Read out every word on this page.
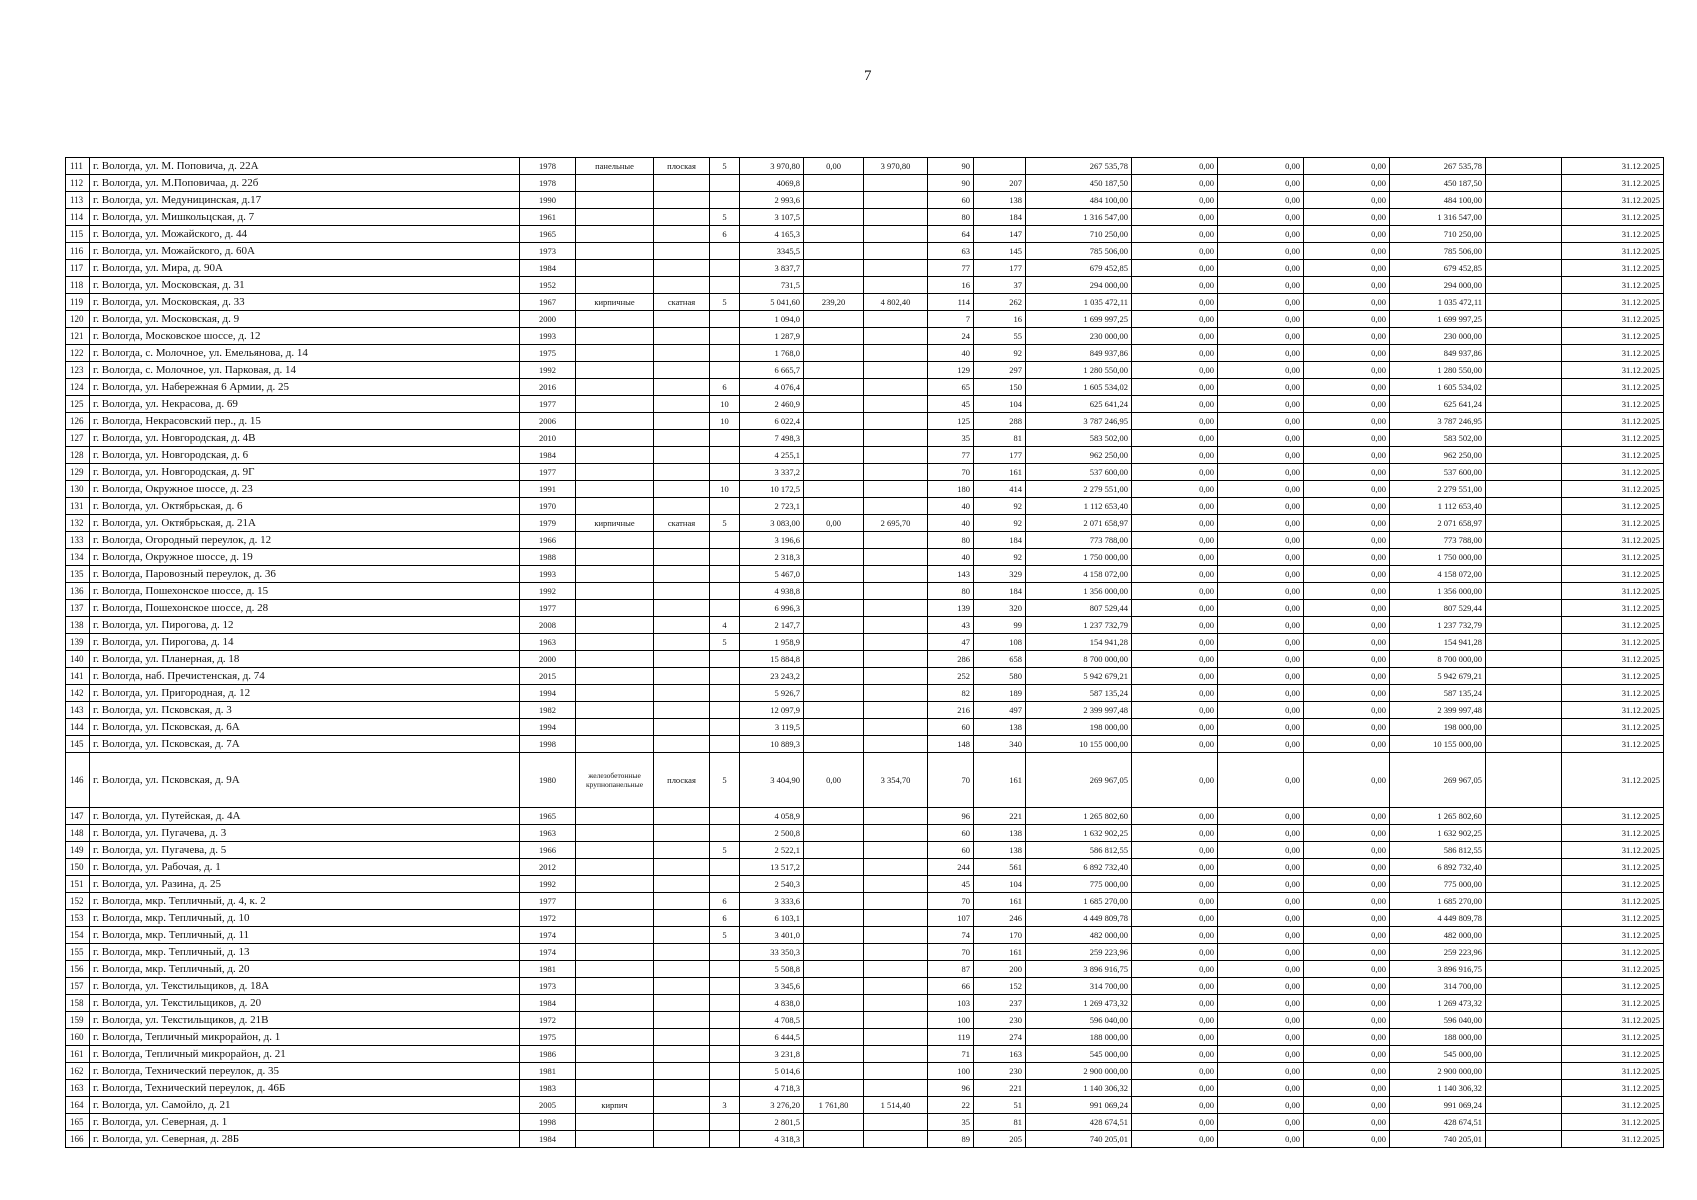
7
111	г. Вологда, ул. М. Поповича, д. 22А	1978	панельные	плоская	5	3 970,80	0,00	3 970,80	90		267 535,78	0,00	0,00	0,00	267 535,78		31.12.2025
112	г. Вологда, ул. М.Поповичаа, д. 22б	1978				4069,8			90	207	450 187,50	0,00	0,00	0,00	450 187,50		31.12.2025
113	г. Вологда, ул. Медуницинская, д.17	1990				2 993,6			60	138	484 100,00	0,00	0,00	0,00	484 100,00		31.12.2025
114	г. Вологда, ул. Мишкольцская, д. 7	1961			5	3 107,5			80	184	1 316 547,00	0,00	0,00	0,00	1 316 547,00		31.12.2025
115	г. Вологда, ул. Можайского, д. 44	1965			6	4 165,3			64	147	710 250,00	0,00	0,00	0,00	710 250,00		31.12.2025
116	г. Вологда, ул. Можайского, д. 60А	1973				3345,5			63	145	785 506,00	0,00	0,00	0,00	785 506,00		31.12.2025
117	г. Вологда, ул. Мира, д. 90А	1984				3 837,7			77	177	679 452,85	0,00	0,00	0,00	679 452,85		31.12.2025
118	г. Вологда, ул. Московская, д. 31	1952				731,5			16	37	294 000,00	0,00	0,00	0,00	294 000,00		31.12.2025
119	г. Вологда, ул. Московская, д. 33	1967	кирпичные	скатная	5	5 041,60	239,20	4 802,40	114	262	1 035 472,11	0,00	0,00	0,00	1 035 472,11		31.12.2025
120	г. Вологда, ул. Московская, д. 9	2000				1 094,0			7	16	1 699 997,25	0,00	0,00	0,00	1 699 997,25		31.12.2025
121	г. Вологда, Московское шоссе, д. 12	1993				1 287,9			24	55	230 000,00	0,00	0,00	0,00	230 000,00		31.12.2025
122	г. Вологда, с. Молочное, ул. Емельянова, д. 14	1975				1 768,0			40	92	849 937,86	0,00	0,00	0,00	849 937,86		31.12.2025
123	г. Вологда, с. Молочное, ул. Парковая, д. 14	1992				6 665,7			129	297	1 280 550,00	0,00	0,00	0,00	1 280 550,00		31.12.2025
124	г. Вологда, ул. Набережная 6 Армии, д. 25	2016			6	4 076,4			65	150	1 605 534,02	0,00	0,00	0,00	1 605 534,02		31.12.2025
125	г. Вологда, ул. Некрасова, д. 69	1977			10	2 460,9			45	104	625 641,24	0,00	0,00	0,00	625 641,24		31.12.2025
126	г. Вологда, Некрасовский пер., д. 15	2006			10	6 022,4			125	288	3 787 246,95	0,00	0,00	0,00	3 787 246,95		31.12.2025
127	г. Вологда, ул. Новгородская, д. 4В	2010				7 498,3			35	81	583 502,00	0,00	0,00	0,00	583 502,00		31.12.2025
128	г. Вологда, ул. Новгородская, д. 6	1984				4 255,1			77	177	962 250,00	0,00	0,00	0,00	962 250,00		31.12.2025
129	г. Вологда, ул. Новгородская, д. 9Г	1977				3 337,2			70	161	537 600,00	0,00	0,00	0,00	537 600,00		31.12.2025
130	г. Вологда, Окружное шоссе, д. 23	1991			10	10 172,5			180	414	2 279 551,00	0,00	0,00	0,00	2 279 551,00		31.12.2025
131	г. Вологда, ул. Октябрьская, д. 6	1970				2 723,1			40	92	1 112 653,40	0,00	0,00	0,00	1 112 653,40		31.12.2025
132	г. Вологда, ул. Октябрьская, д. 21А	1979	кирпичные	скатная	5	3 083,00	0,00	2 695,70	40	92	2 071 658,97	0,00	0,00	0,00	2 071 658,97		31.12.2025
133	г. Вологда, Огородный переулок, д. 12	1966				3 196,6			80	184	773 788,00	0,00	0,00	0,00	773 788,00		31.12.2025
134	г. Вологда, Окружное шоссе, д. 19	1988				2 318,3			40	92	1 750 000,00	0,00	0,00	0,00	1 750 000,00		31.12.2025
135	г. Вологда, Паровозный переулок, д. 36	1993				5 467,0			143	329	4 158 072,00	0,00	0,00	0,00	4 158 072,00		31.12.2025
136	г. Вологда, Пошехонское шоссе, д. 15	1992				4 938,8			80	184	1 356 000,00	0,00	0,00	0,00	1 356 000,00		31.12.2025
137	г. Вологда, Пошехонское шоссе, д. 28	1977				6 996,3			139	320	807 529,44	0,00	0,00	0,00	807 529,44		31.12.2025
138	г. Вологда, ул. Пирогова, д. 12	2008			4	2 147,7			43	99	1 237 732,79	0,00	0,00	0,00	1 237 732,79		31.12.2025
139	г. Вологда, ул. Пирогова, д. 14	1963			5	1 958,9			47	108	154 941,28	0,00	0,00	0,00	154 941,28		31.12.2025
140	г. Вологда, ул. Планерная, д. 18	2000				15 884,8			286	658	8 700 000,00	0,00	0,00	0,00	8 700 000,00		31.12.2025
141	г. Вологда, наб. Пречистенская, д. 74	2015				23 243,2			252	580	5 942 679,21	0,00	0,00	0,00	5 942 679,21		31.12.2025
142	г. Вологда, ул. Пригородная, д. 12	1994				5 926,7			82	189	587 135,24	0,00	0,00	0,00	587 135,24		31.12.2025
143	г. Вологда, ул. Псковская, д. 3	1982				12 097,9			216	497	2 399 997,48	0,00	0,00	0,00	2 399 997,48		31.12.2025
144	г. Вологда, ул. Псковская, д. 6А	1994				3 119,5			60	138	198 000,00	0,00	0,00	0,00	198 000,00		31.12.2025
145	г. Вологда, ул. Псковская, д. 7А	1998				10 889,3			148	340	10 155 000,00	0,00	0,00	0,00	10 155 000,00		31.12.2025
146	г. Вологда, ул. Псковская, д. 9А	1980	железобетонные крупнопанельные	плоская	5	3 404,90	0,00	3 354,70	70	161	269 967,05	0,00	0,00	0,00	269 967,05		31.12.2025
147	г. Вологда, ул. Путейская, д. 4А	1965				4 058,9			96	221	1 265 802,60	0,00	0,00	0,00	1 265 802,60		31.12.2025
148	г. Вологда, ул. Пугачева, д. 3	1963				2 500,8			60	138	1 632 902,25	0,00	0,00	0,00	1 632 902,25		31.12.2025
149	г. Вологда, ул. Пугачева, д. 5	1966			5	2 522,1			60	138	586 812,55	0,00	0,00	0,00	586 812,55		31.12.2025
150	г. Вологда, ул. Рабочая, д. 1	2012				13 517,2			244	561	6 892 732,40	0,00	0,00	0,00	6 892 732,40		31.12.2025
151	г. Вологда, ул. Разина, д. 25	1992				2 540,3			45	104	775 000,00	0,00	0,00	0,00	775 000,00		31.12.2025
152	г. Вологда, мкр. Тепличный, д. 4, к. 2	1977			6	3 333,6			70	161	1 685 270,00	0,00	0,00	0,00	1 685 270,00		31.12.2025
153	г. Вологда, мкр. Тепличный, д. 10	1972			6	6 103,1			107	246	4 449 809,78	0,00	0,00	0,00	4 449 809,78		31.12.2025
154	г. Вологда, мкр. Тепличный, д. 11	1974			5	3 401,0			74	170	482 000,00	0,00	0,00	0,00	482 000,00		31.12.2025
155	г. Вологда, мкр. Тепличный, д. 13	1974				33 350,3			70	161	259 223,96	0,00	0,00	0,00	259 223,96		31.12.2025
156	г. Вологда, мкр. Тепличный, д. 20	1981				5 508,8			87	200	3 896 916,75	0,00	0,00	0,00	3 896 916,75		31.12.2025
157	г. Вологда, ул. Текстильщиков, д. 18А	1973				3 345,6			66	152	314 700,00	0,00	0,00	0,00	314 700,00		31.12.2025
158	г. Вологда, ул. Текстильщиков, д. 20	1984				4 838,0			103	237	1 269 473,32	0,00	0,00	0,00	1 269 473,32		31.12.2025
159	г. Вологда, ул. Текстильщиков, д. 21В	1972				4 708,5			100	230	596 040,00	0,00	0,00	0,00	596 040,00		31.12.2025
160	г. Вологда, Тепличный микрорайон, д. 1	1975				6 444,5			119	274	188 000,00	0,00	0,00	0,00	188 000,00		31.12.2025
161	г. Вологда, Тепличный микрорайон, д. 21	1986				3 231,8			71	163	545 000,00	0,00	0,00	0,00	545 000,00		31.12.2025
162	г. Вологда, Технический переулок, д. 35	1981				5 014,6			100	230	2 900 000,00	0,00	0,00	0,00	2 900 000,00		31.12.2025
163	г. Вологда, Технический переулок, д. 46Б	1983				4 718,3			96	221	1 140 306,32	0,00	0,00	0,00	1 140 306,32		31.12.2025
164	г. Вологда, ул. Самойло, д. 21	2005	кирпич		3	3 276,20	1 761,80	1 514,40	22	51	991 069,24	0,00	0,00	0,00	991 069,24		31.12.2025
165	г. Вологда, ул. Северная, д. 1	1998				2 801,5			35	81	428 674,51	0,00	0,00	0,00	428 674,51		31.12.2025
166	г. Вологда, ул. Северная, д. 28Б	1984				4 318,3			89	205	740 205,01	0,00	0,00	0,00	740 205,01		31.12.2025
